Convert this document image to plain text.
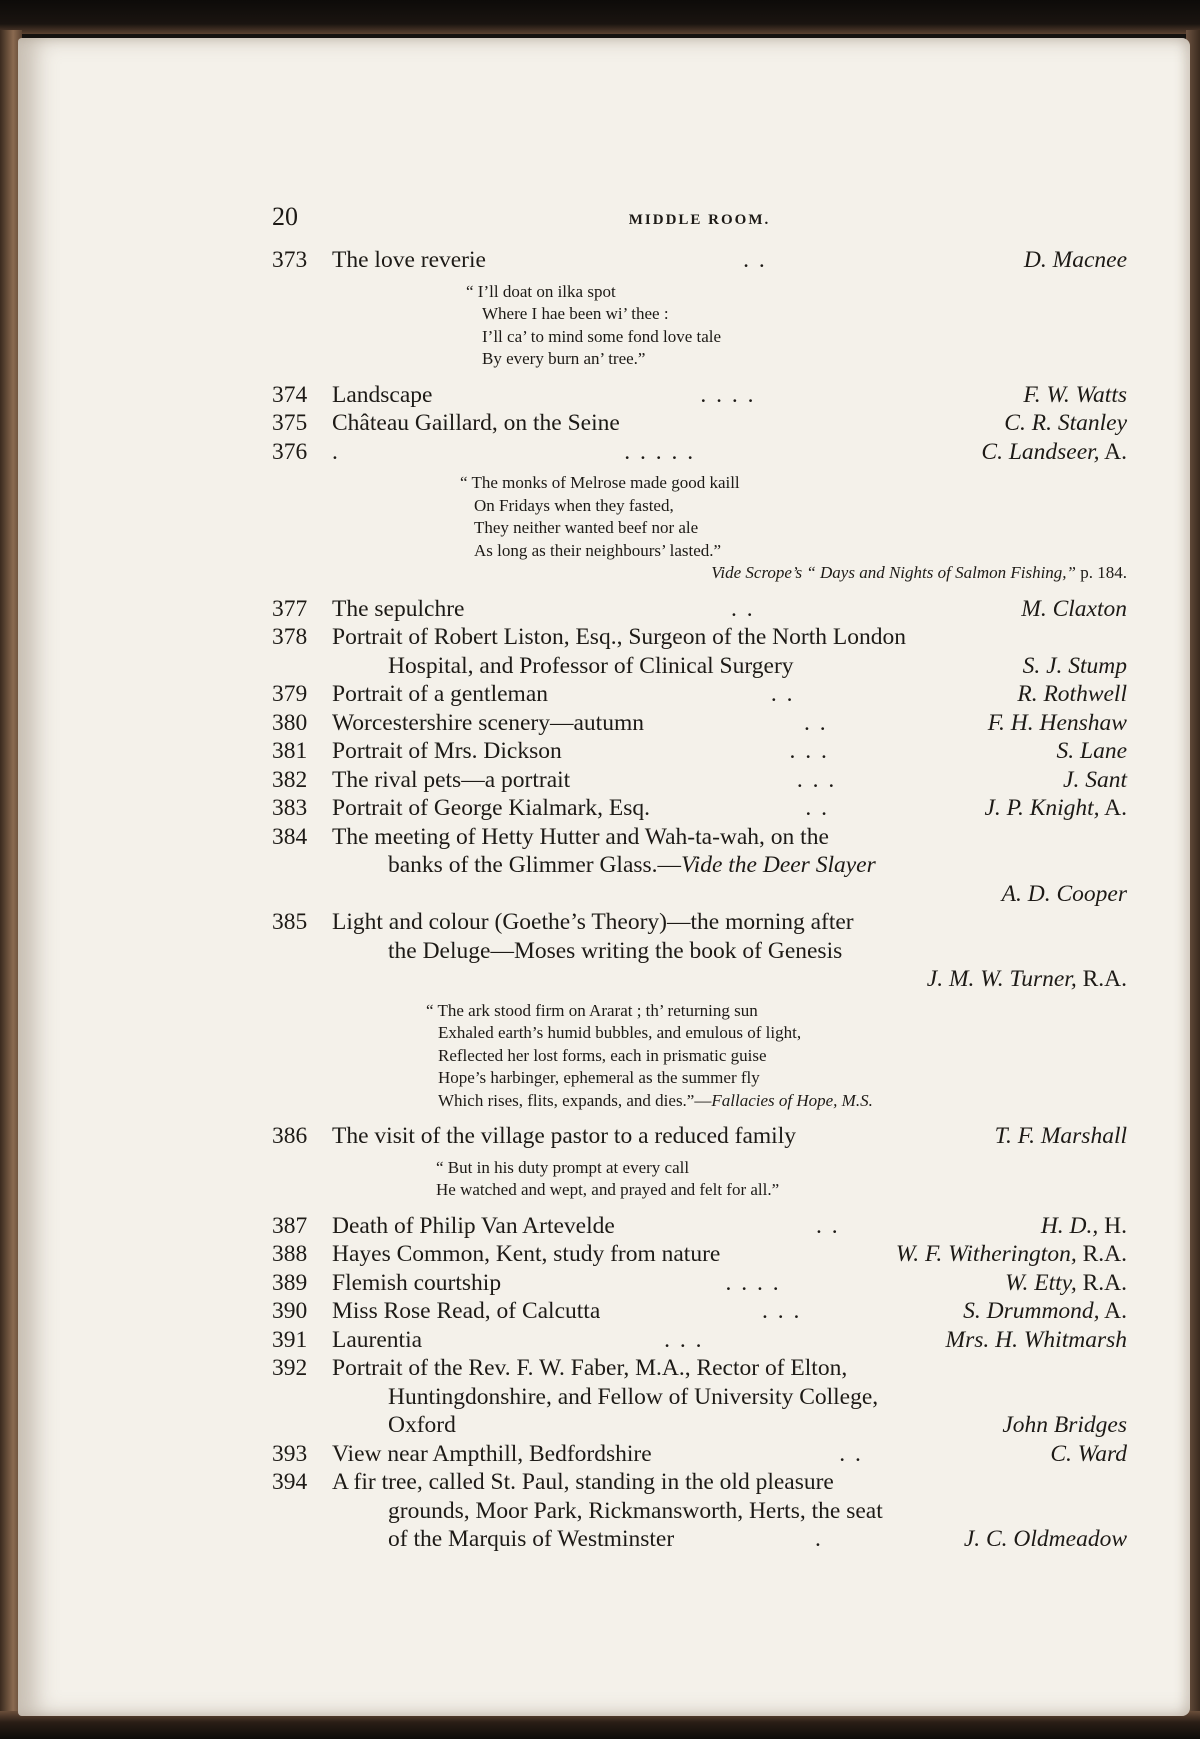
20	MIDDLE ROOM.
373	The love reverie	. .	D. Macnee
“ I’ll doat on ilka spot
Where I hae been wi’ thee :
I’ll ca’ to mind some fond love tale
By every burn an’ tree.”
374	Landscape	. . . .	F. W. Watts
375	Château Gaillard, on the Seine	C. R. Stanley
376	.	. . . . .	C. Landseer, A.
“ The monks of Melrose made good kaill
On Fridays when they fasted,
They neither wanted beef nor ale
As long as their neighbours’ lasted.”
Vide Scrope’s “ Days and Nights of Salmon Fishing,” p. 184.
377	The sepulchre	. .	M. Claxton
378	Portrait of Robert Liston, Esq., Surgeon of the North London
Hospital, and Professor of Clinical Surgery	S. J. Stump
379	Portrait of a gentleman	. .	R. Rothwell
380	Worcestershire scenery—autumn	. .	F. H. Henshaw
381	Portrait of Mrs. Dickson	. . .	S. Lane
382	The rival pets—a portrait	. . .	J. Sant
383	Portrait of George Kialmark, Esq.	. .	J. P. Knight, A.
384	The meeting of Hetty Hutter and Wah-ta-wah, on the
banks of the Glimmer Glass.—Vide the Deer Slayer
A. D. Cooper
385	Light and colour (Goethe’s Theory)—the morning after
the Deluge—Moses writing the book of Genesis
J. M. W. Turner, R.A.
“ The ark stood firm on Ararat ; th’ returning sun
Exhaled earth’s humid bubbles, and emulous of light,
Reflected her lost forms, each in prismatic guise
Hope’s harbinger, ephemeral as the summer fly
Which rises, flits, expands, and dies.”—Fallacies of Hope, M.S.
386	The visit of the village pastor to a reduced family	T. F. Marshall
“ But in his duty prompt at every call
He watched and wept, and prayed and felt for all.”
387	Death of Philip Van Artevelde	. .	H. D., H.
388	Hayes Common, Kent, study from nature	W. F. Witherington, R.A.
389	Flemish courtship	. . . .	W. Etty, R.A.
390	Miss Rose Read, of Calcutta	. . .	S. Drummond, A.
391	Laurentia	. . .	Mrs. H. Whitmarsh
392	Portrait of the Rev. F. W. Faber, M.A., Rector of Elton,
Huntingdonshire, and Fellow of University College,
Oxford	John Bridges
393	View near Ampthill, Bedfordshire	. .	C. Ward
394	A fir tree, called St. Paul, standing in the old pleasure
grounds, Moor Park, Rickmansworth, Herts, the seat
of the Marquis of Westminster	.	J. C. Oldmeadow
